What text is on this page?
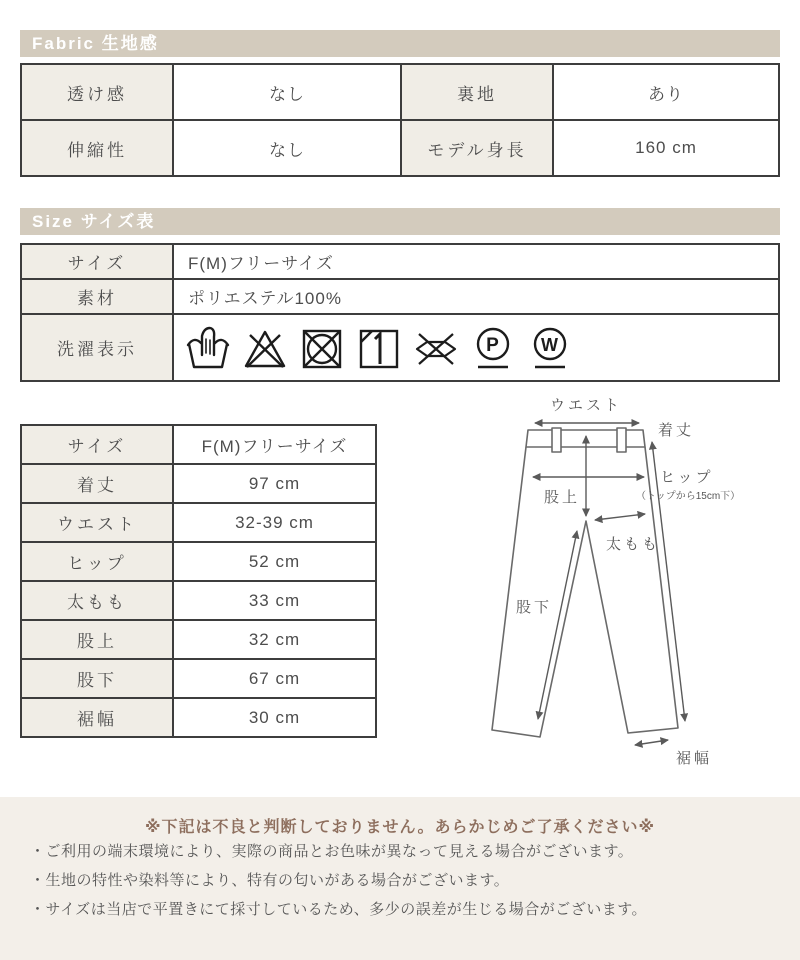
Fabric 生地感
透け感	なし	裏地	あり
伸縮性	なし	モデル身長	160 cm
Size サイズ表
サイズ	F(M)フリーサイズ
素材	ポリエステル100%
洗濯表示	P W
サイズ	F(M)フリーサイズ
着丈	97 cm
ウエスト	32-39 cm
ヒップ	52 cm
太もも	33 cm
股上	32 cm
股下	67 cm
裾幅	30 cm
ウエスト
着丈
ヒップ
（トップから15cm下）
股上
太もも
股下
裾幅
※下記は不良と判断しておりません。あらかじめご了承ください※
・ご利用の端末環境により、実際の商品とお色味が異なって見える場合がございます。
・生地の特性や染料等により、特有の匂いがある場合がございます。
・サイズは当店で平置きにて採寸しているため、多少の誤差が生じる場合がございます。
